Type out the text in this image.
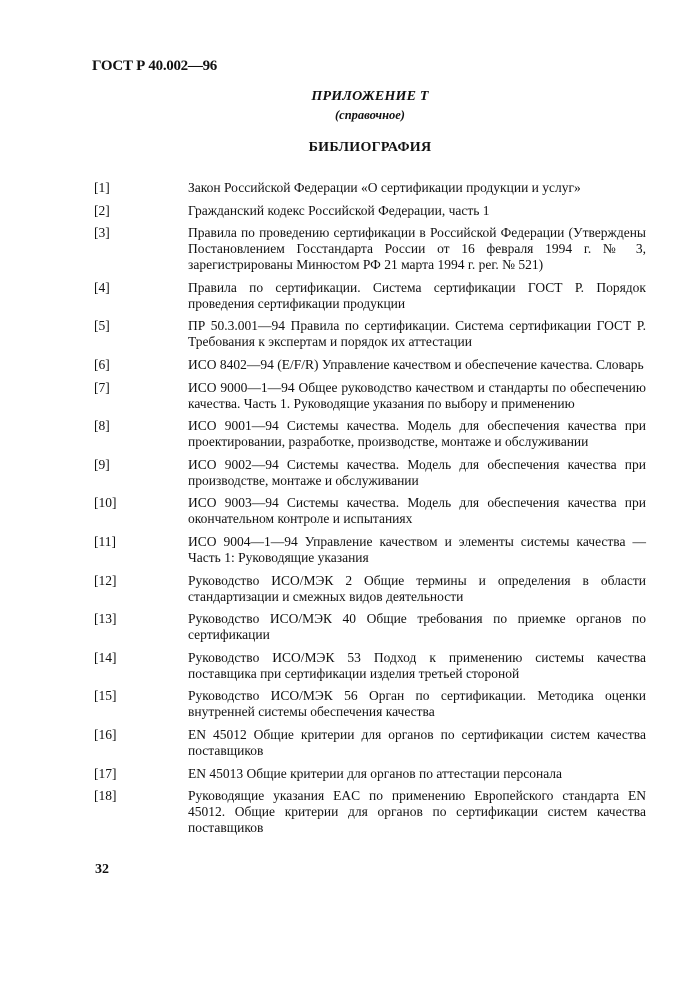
ГОСТ Р 40.002—96
ПРИЛОЖЕНИЕ Т
(справочное)
БИБЛИОГРАФИЯ
[1]	Закон Российской Федерации «О сертификации продукции и услуг»
[2]	Гражданский кодекс Российской Федерации, часть 1
[3]	Правила по проведению сертификации в Российской Федерации (Утверждены Постановлением Госстандарта России от 16 февраля 1994 г. № 3, зарегистрированы Минюстом РФ 21 марта 1994 г. рег. № 521)
[4]	Правила по сертификации. Система сертификации ГОСТ Р. Порядок проведения сертификации продукции
[5]	ПР 50.3.001—94 Правила по сертификации. Система сертификации ГОСТ Р. Требования к экспертам и порядок их аттестации
[6]	ИСО 8402—94 (E/F/R) Управление качеством и обеспечение качества. Словарь
[7]	ИСО 9000—1—94 Общее руководство качеством и стандарты по обеспечению качества. Часть 1. Руководящие указания по выбору и применению
[8]	ИСО 9001—94 Системы качества. Модель для обеспечения качества при проектировании, разработке, производстве, монтаже и обслуживании
[9]	ИСО 9002—94 Системы качества. Модель для обеспечения качества при производстве, монтаже и обслуживании
[10]	ИСО 9003—94 Системы качества. Модель для обеспечения качества при окончательном контроле и испытаниях
[11]	ИСО 9004—1—94 Управление качеством и элементы системы качества — Часть 1: Руководящие указания
[12]	Руководство ИСО/МЭК 2 Общие термины и определения в области стандартизации и смежных видов деятельности
[13]	Руководство ИСО/МЭК 40 Общие требования по приемке органов по сертификации
[14]	Руководство ИСО/МЭК 53 Подход к применению системы качества поставщика при сертификации изделия третьей стороной
[15]	Руководство ИСО/МЭК 56 Орган по сертификации. Методика оценки внутренней системы обеспечения качества
[16]	EN 45012 Общие критерии для органов по сертификации систем качества поставщиков
[17]	EN 45013 Общие критерии для органов по аттестации персонала
[18]	Руководящие указания EAC по применению Европейского стандарта EN 45012. Общие критерии для органов по сертификации систем качества поставщиков
32
